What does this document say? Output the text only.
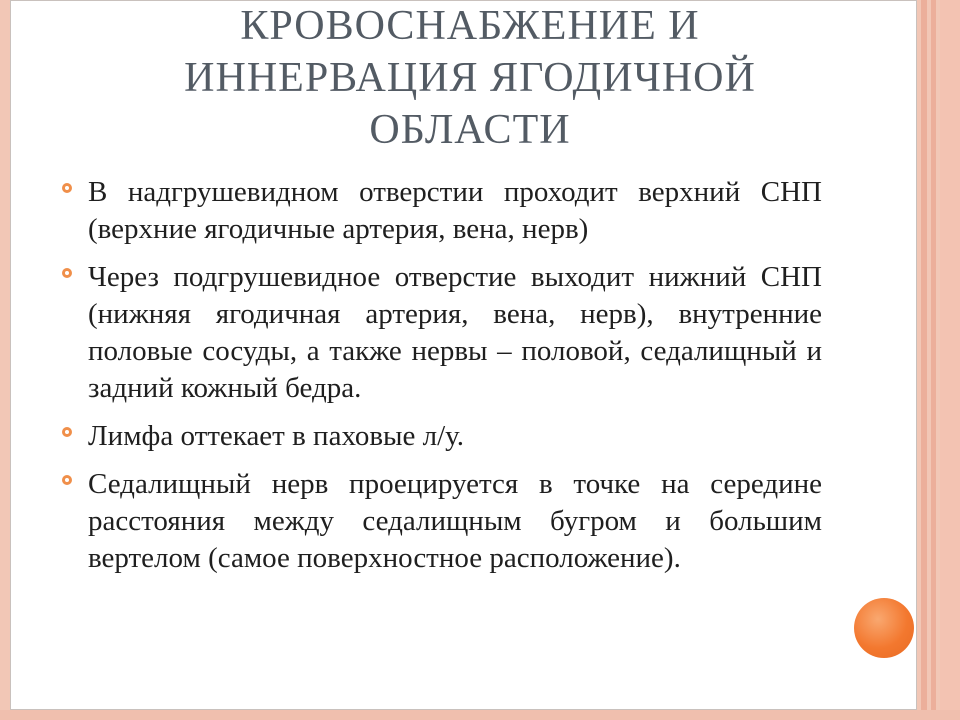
КРОВОСНАБЖЕНИЕ И
ИННЕРВАЦИЯ ЯГОДИЧНОЙ
ОБЛАСТИ
В надгрушевидном отверстии проходит верхний СНП (верхние ягодичные артерия, вена, нерв)
Через подгрушевидное отверстие выходит нижний СНП (нижняя ягодичная артерия, вена, нерв), внутренние половые сосуды, а также нервы – половой, седалищный и задний кожный бедра.
Лимфа оттекает в паховые л/у.
Седалищный нерв проецируется в точке на середине расстояния между седалищным бугром и большим вертелом (самое поверхностное расположение).
